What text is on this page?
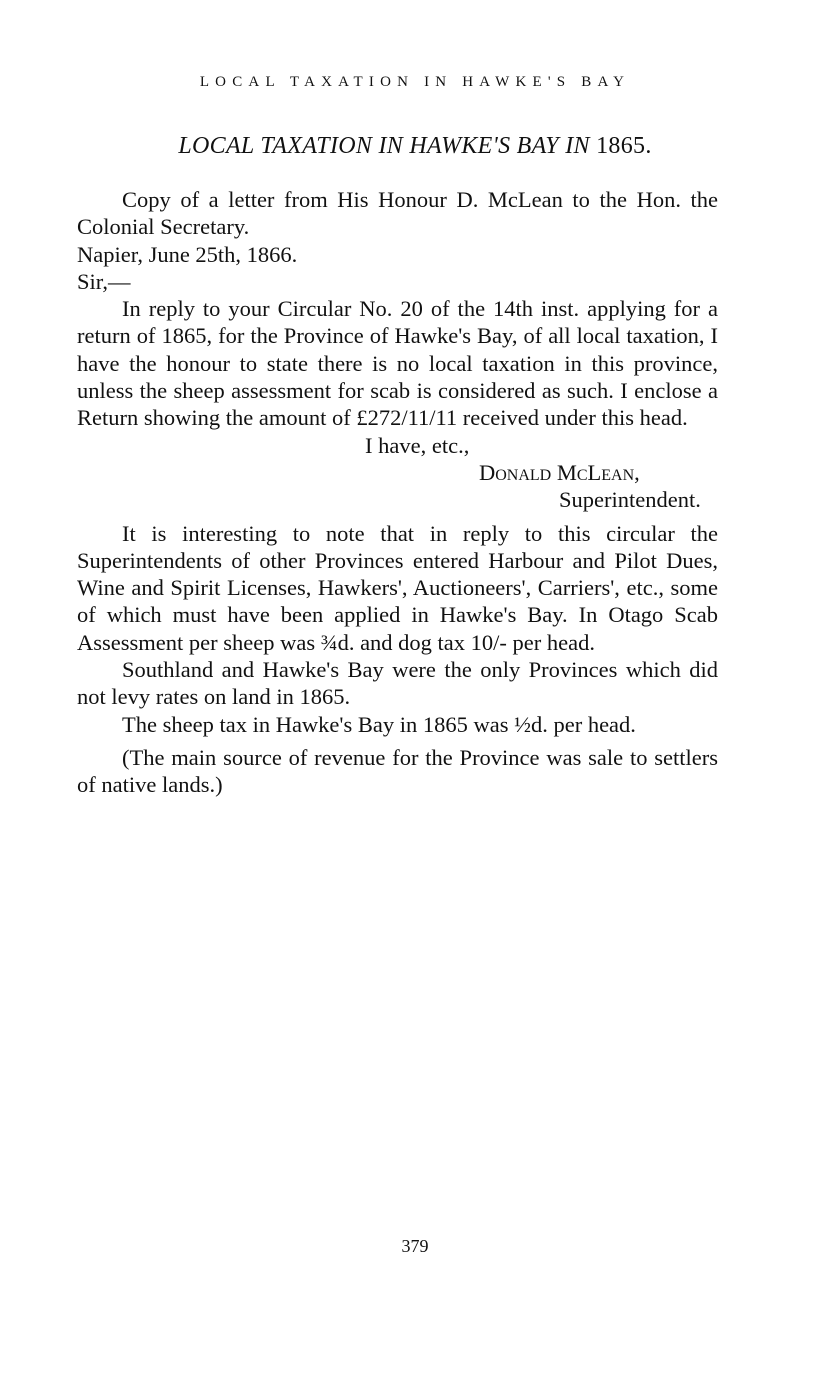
LOCAL TAXATION IN HAWKE'S BAY
LOCAL TAXATION IN HAWKE'S BAY IN 1865.

Copy of a letter from His Honour D. McLean to the Hon. the Colonial Secretary.

Napier, June 25th, 1866.

Sir,—

In reply to your Circular No. 20 of the 14th inst. applying for a return of 1865, for the Province of Hawke's Bay, of all local taxation, I have the honour to state there is no local taxation in this province, unless the sheep assessment for scab is considered as such. I enclose a Return showing the amount of £272/11/11 received under this head.

I have, etc.,

Donald McLean,

Superintendent.

It is interesting to note that in reply to this circular the Superintendents of other Provinces entered Harbour and Pilot Dues, Wine and Spirit Licenses, Hawkers', Auctioneers', Carriers', etc., some of which must have been applied in Hawke's Bay. In Otago Scab Assessment per sheep was ¾d. and dog tax 10/- per head.

Southland and Hawke's Bay were the only Provinces which did not levy rates on land in 1865.

The sheep tax in Hawke's Bay in 1865 was ½d. per head.

(The main source of revenue for the Province was sale to settlers of native lands.)

379
